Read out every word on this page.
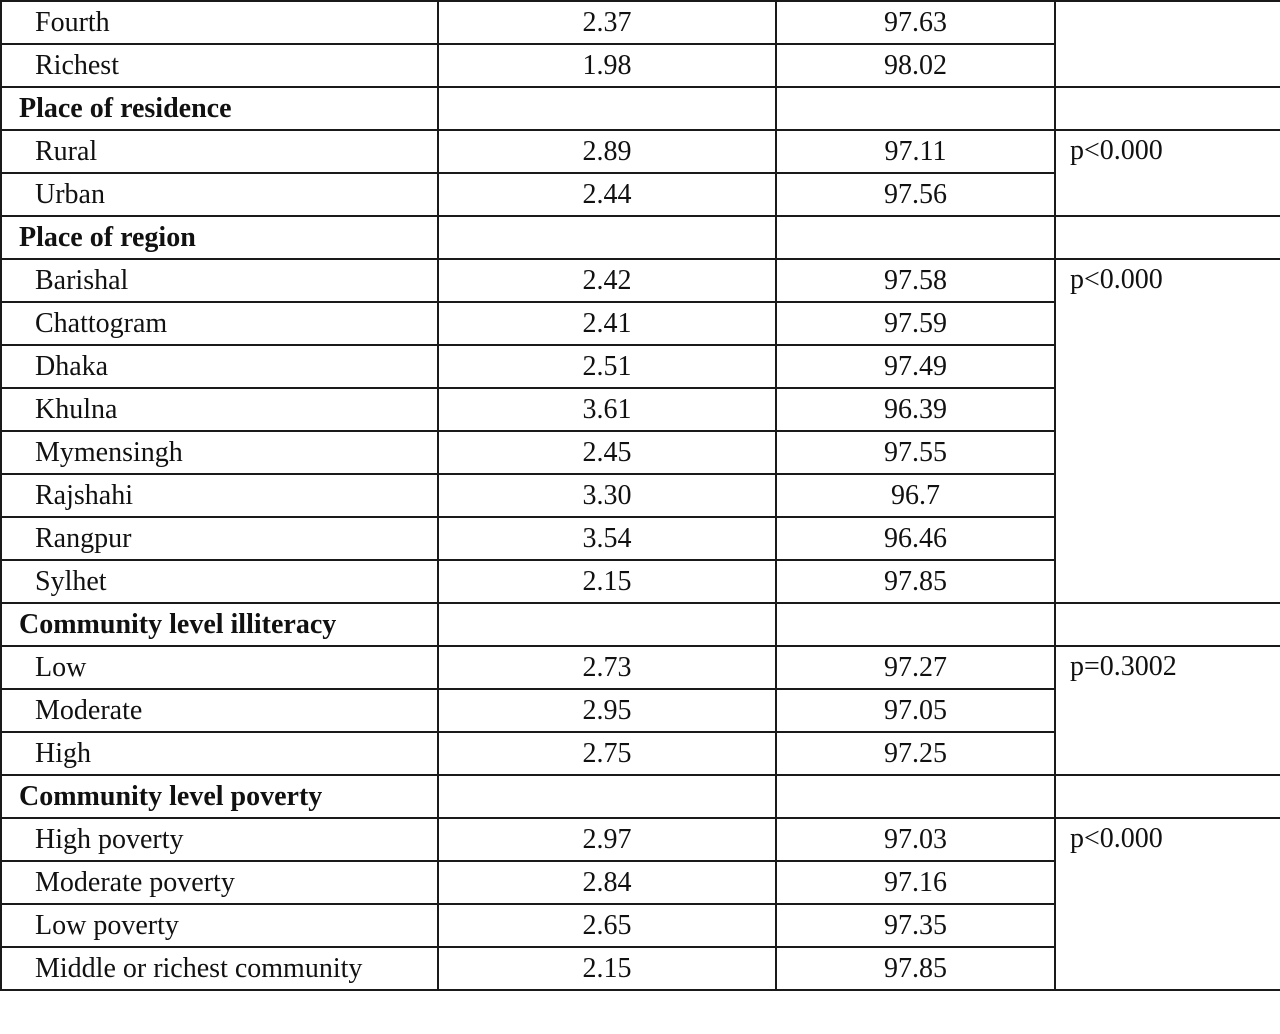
Fourth	2.37	97.63	
Richest	1.98	98.02	
Place of residence			
Rural	2.89	97.11	p<0.000
Urban	2.44	97.56	
Place of region			
Barishal	2.42	97.58	p<0.000
Chattogram	2.41	97.59	
Dhaka	2.51	97.49	
Khulna	3.61	96.39	
Mymensingh	2.45	97.55	
Rajshahi	3.30	96.7	
Rangpur	3.54	96.46	
Sylhet	2.15	97.85	
Community level illiteracy			
Low	2.73	97.27	p=0.3002
Moderate	2.95	97.05	
High	2.75	97.25	
Community level poverty			
High poverty	2.97	97.03	p<0.000
Moderate poverty	2.84	97.16	
Low poverty	2.65	97.35	
Middle or richest community	2.15	97.85	
